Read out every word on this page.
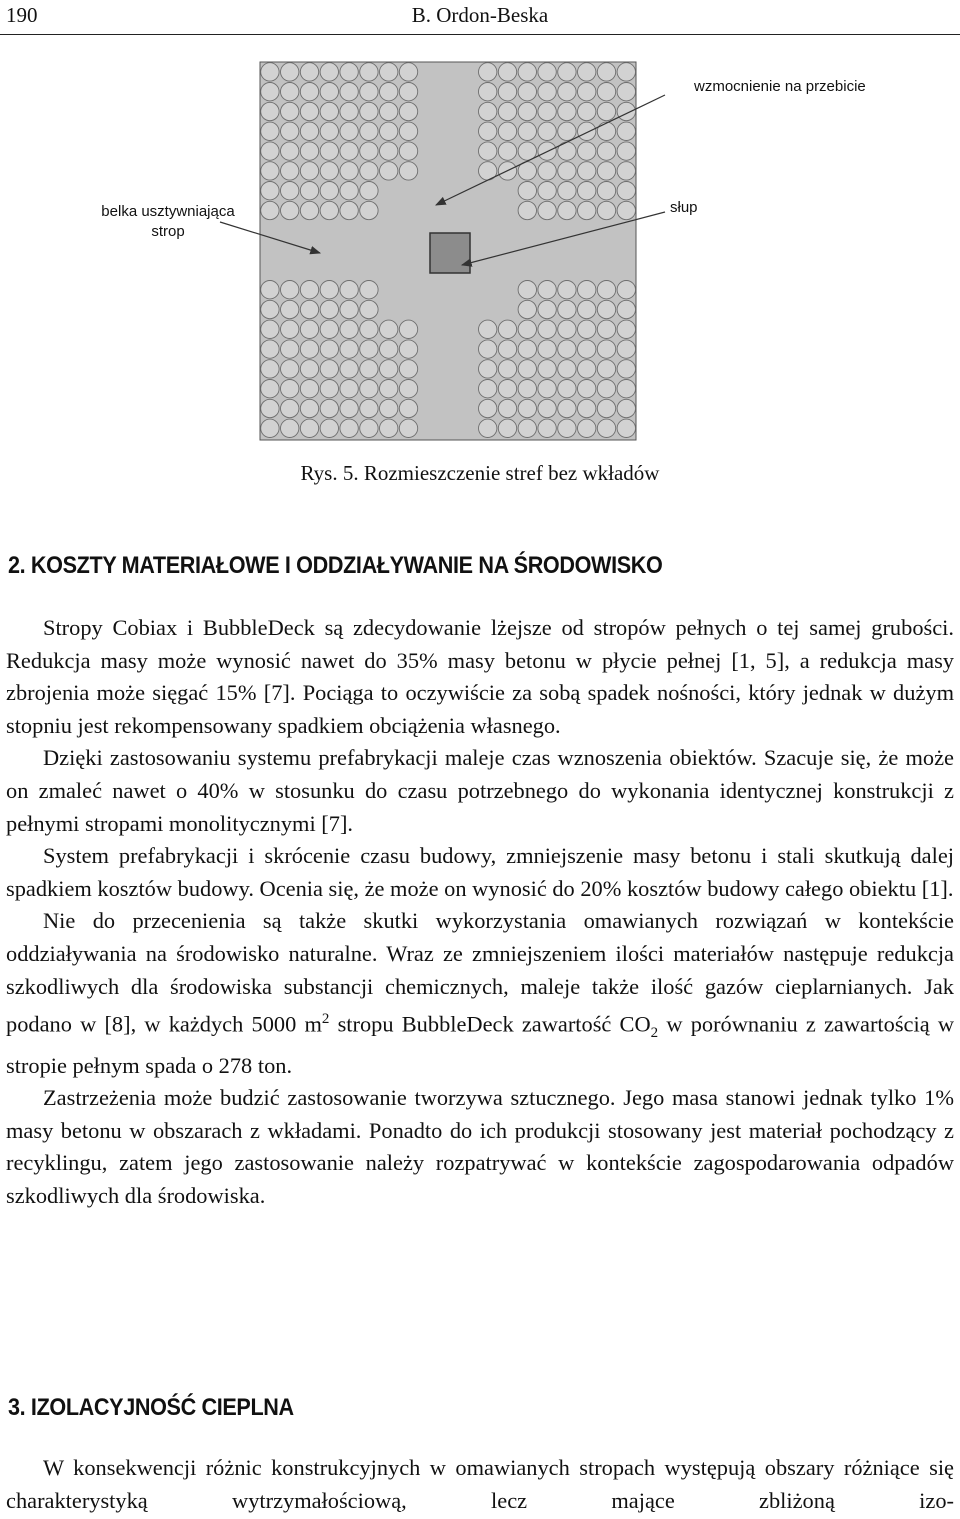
190	B. Ordon-Beska
wzmocnienie na przebicie
belka usztywniająca
strop
słup
Rys. 5. Rozmieszczenie stref bez wkładów
2. KOSZTY MATERIAŁOWE I ODDZIAŁYWANIE NA ŚRODOWISKO

Stropy Cobiax i BubbleDeck są zdecydowanie lżejsze od stropów pełnych o tej samej grubości. Redukcja masy może wynosić nawet do 35% masy betonu w płycie pełnej [1, 5], a redukcja masy zbrojenia może sięgać 15% [7]. Pociąga to oczywiście za sobą spadek nośności, który jednak w dużym stopniu jest rekompensowany spadkiem obciążenia własnego.

Dzięki zastosowaniu systemu prefabrykacji maleje czas wznoszenia obiektów. Szacuje się, że może on zmaleć nawet o 40% w stosunku do czasu potrzebnego do wykonania identycznej konstrukcji z pełnymi stropami monolitycznymi [7].

System prefabrykacji i skrócenie czasu budowy, zmniejszenie masy betonu i stali skutkują dalej spadkiem kosztów budowy. Ocenia się, że może on wynosić do 20% kosztów budowy całego obiektu [1].

Nie do przecenienia są także skutki wykorzystania omawianych rozwiązań w kontekście oddziaływania na środowisko naturalne. Wraz ze zmniejszeniem ilości materiałów następuje redukcja szkodliwych dla środowiska substancji chemicznych, maleje także ilość gazów cieplarnianych. Jak podano w [8], w każdych 5000 $m^2$ stropu BubbleDeck zawartość $CO_2$ w porównaniu z zawartością w stropie pełnym spada o 278 ton.

Zastrzeżenia może budzić zastosowanie tworzywa sztucznego. Jego masa stanowi jednak tylko 1% masy betonu w obszarach z wkładami. Ponadto do ich produkcji stosowany jest materiał pochodzący z recyklingu, zatem jego zastosowanie należy rozpatrywać w kontekście zagospodarowania odpadów szkodliwych dla środowiska.

3. IZOLACYJNOŚĆ CIEPLNA

W konsekwencji różnic konstrukcyjnych w omawianych stropach występują obszary różniące się charakterystyką wytrzymałościową, lecz mające zbliżoną izo-
